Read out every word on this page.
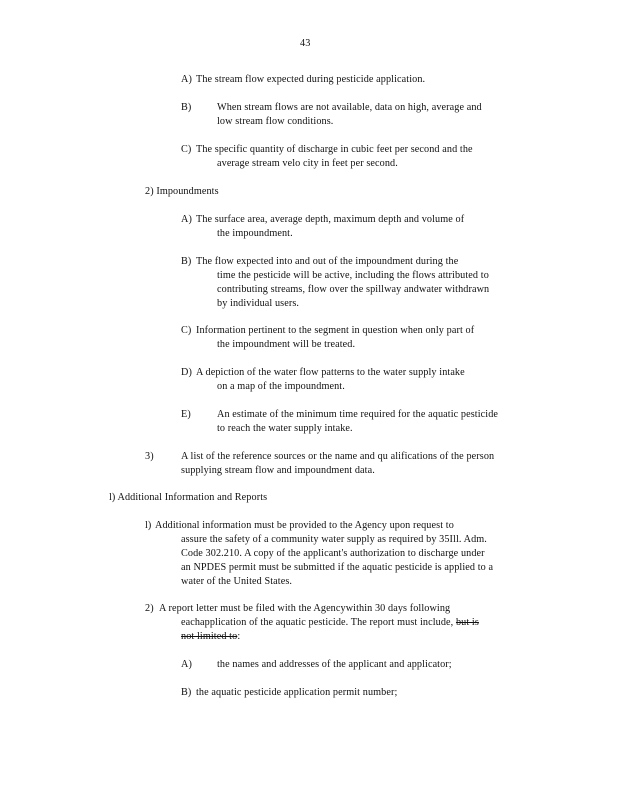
43
A) The stream flow expected during pesticide application.
B)	When stream flows are not available, data on high, average and
low stream flow conditions.
C) The specific quantity of discharge in cubic feet per second and the
average stream velo city in feet per second.
2) Impoundments
A) The surface area, average depth, maximum depth and volume of
the impoundment.
B) The flow expected into and out of the impoundment during the
time the pesticide will be active, including the flows attributed to
contributing streams, flow over the spillway andwater withdrawn
by individual users.
C) Information pertinent to the segment in question when only part of
the impoundment will be treated.
D) A depiction of the water flow patterns to the water supply intake
on a map of the impoundment.
E)	An estimate of the minimum time required for the aquatic pesticide
to reach the water supply intake.
3)	A list of the reference sources or the name and qu alifications of the person
supplying stream flow and impoundment data.
l) Additional Information and Reports
l) Additional information must be provided to the Agency upon request to
assure the safety of a community water supply as required by 35Ill. Adm.
Code 302.210. A copy of the applicant's authorization to discharge under
an NPDES permit must be submitted if the aquatic pesticide is applied to a
water of the United States.
2) A report letter must be filed with the Agencywithin 30 days following
eachapplication of the aquatic pesticide. The report must include, but is
not limited to:
A) the names and addresses of the applicant and applicator;
B) the aquatic pesticide application permit number;
